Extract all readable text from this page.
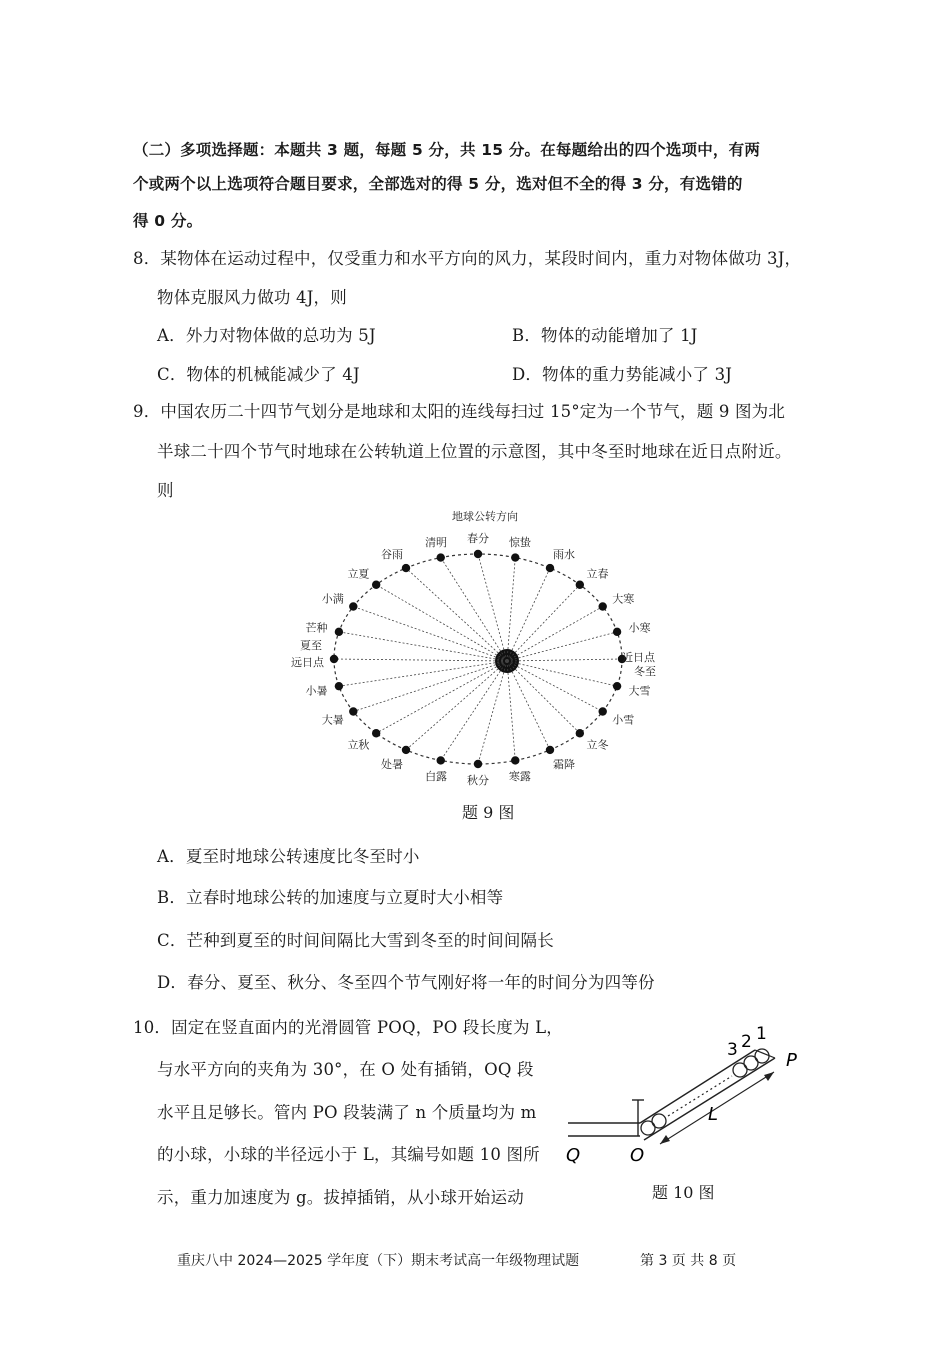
（二）多项选择题：本题共 3 题，每题 5 分，共 15 分。在每题给出的四个选项中，有两
个或两个以上选项符合题目要求，全部选对的得 5 分，选对但不全的得 3 分，有选错的
得 0 分。
8．某物体在运动过程中，仅受重力和水平方向的风力，某段时间内，重力对物体做功 3J，
物体克服风力做功 4J，则
A．外力对物体做的总功为 5J	B．物体的动能增加了 1J
C．物体的机械能减少了 4J	D．物体的重力势能减小了 3J
9．中国农历二十四节气划分是地球和太阳的连线每扫过 15°定为一个节气，题 9 图为北
半球二十四个节气时地球在公转轨道上位置的示意图，其中冬至时地球在近日点附近。
则
地球公转方向
冬至
小寒
大寒
立春
雨水
惊蛰
春分
清明
谷雨
立夏
小满
芒种
夏至
小暑
大暑
立秋
处暑
白露 秋分 寒露
霜降
立冬
小雪
大雪
近日点
远日点
题 9 图
A．夏至时地球公转速度比冬至时小
B．立春时地球公转的加速度与立夏时大小相等
C．芒种到夏至的时间间隔比大雪到冬至的时间间隔长
D．春分、夏至、秋分、冬至四个节气刚好将一年的时间分为四等份
10．固定在竖直面内的光滑圆管 POQ，PO 段长度为 L，
与水平方向的夹角为 30°，在 O 处有插销，OQ 段
水平且足够长。管内 PO 段装满了 n 个质量均为 m
的小球，小球的半径远小于 L，其编号如题 10 图所
示，重力加速度为 g。拔掉插销，从小球开始运动
3 2 1
P
L
O
Q
题 10 图
重庆八中 2024—2025 学年度（下）期末考试高一年级物理试题	第 3 页 共 8 页
